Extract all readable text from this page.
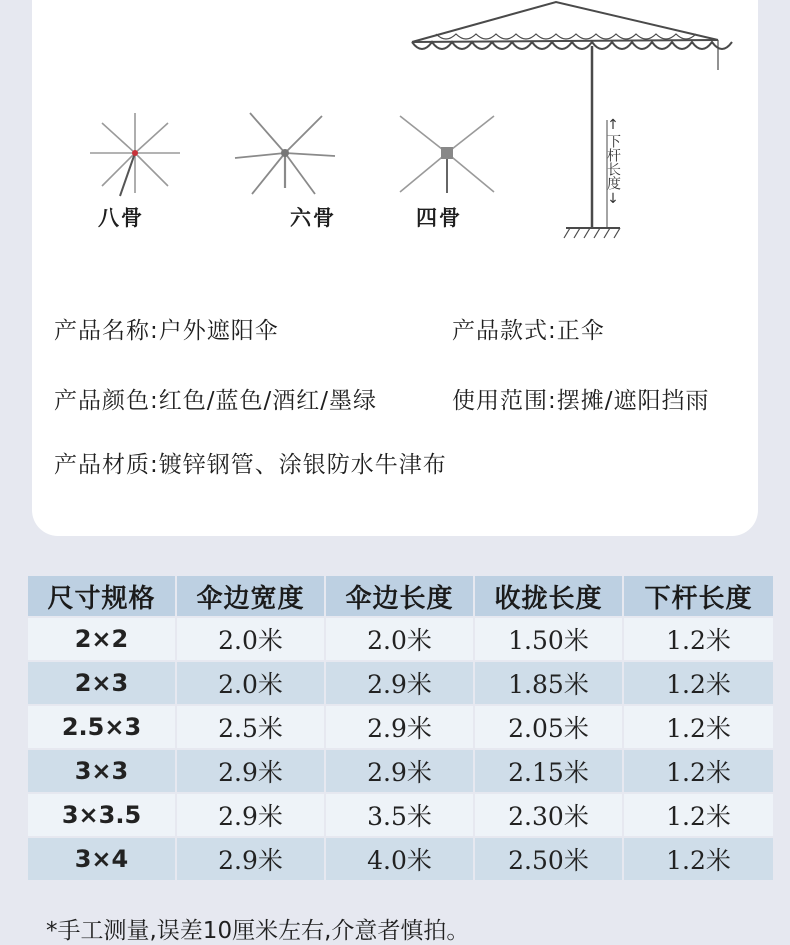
八骨	六骨	四骨
↑
下杆长度
↓
产品名称:户外遮阳伞	产品款式:正伞
产品颜色:红色/蓝色/酒红/墨绿	使用范围:摆摊/遮阳挡雨
产品材质:镀锌钢管、涂银防水牛津布
尺寸规格	伞边宽度	伞边长度	收拢长度	下杆长度
2×2	2.0米	2.0米	1.50米	1.2米
2×3	2.0米	2.9米	1.85米	1.2米
2.5×3	2.5米	2.9米	2.05米	1.2米
3×3	2.9米	2.9米	2.15米	1.2米
3×3.5	2.9米	3.5米	2.30米	1.2米
3×4	2.9米	4.0米	2.50米	1.2米
*手工测量,误差10厘米左右,介意者慎拍。
